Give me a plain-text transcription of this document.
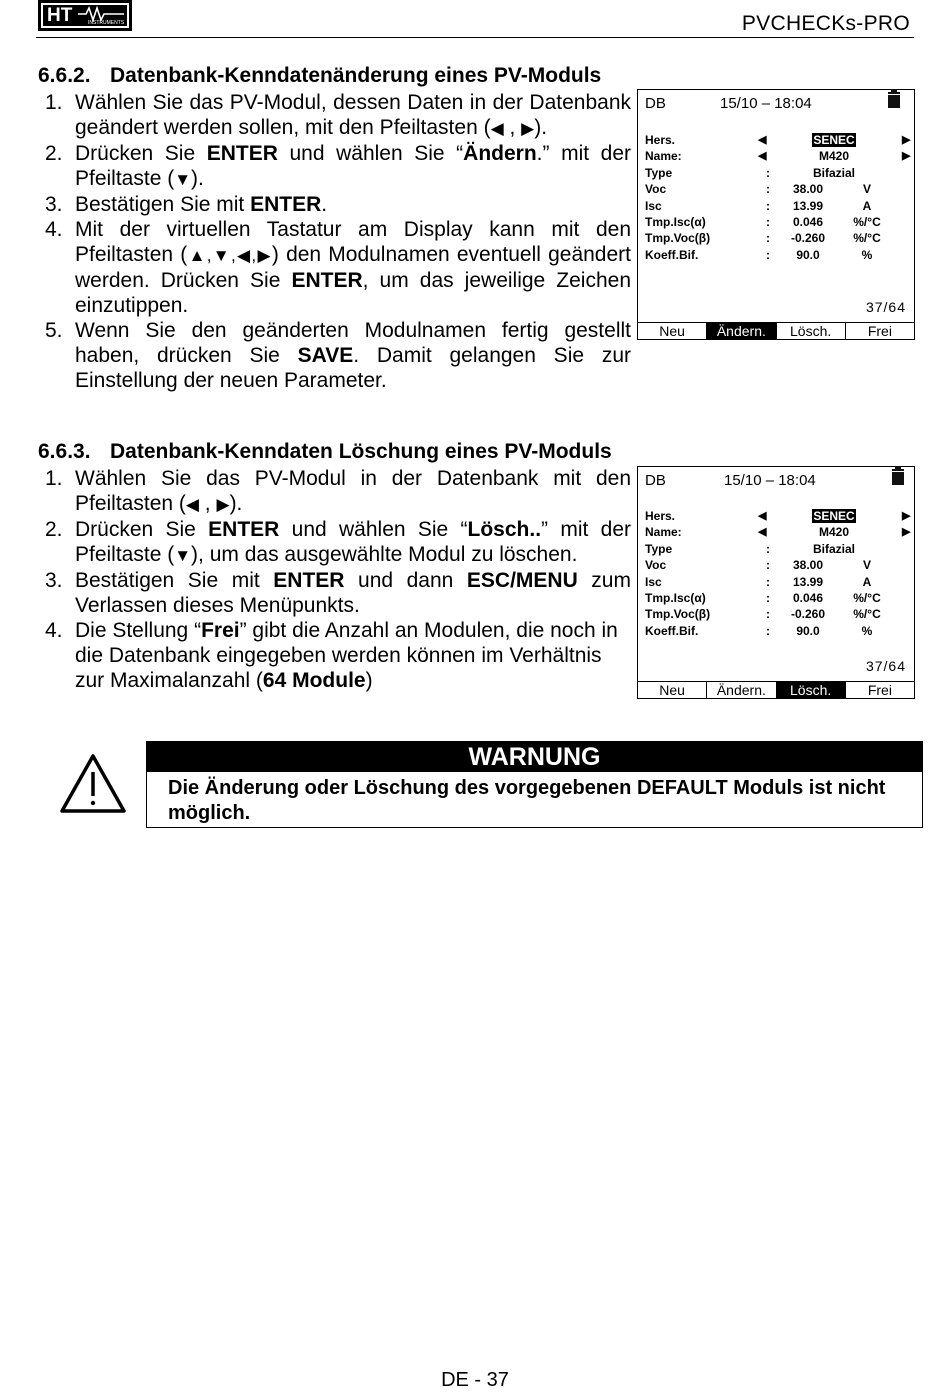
HT	INSTRUMENTS	PVCHECKs-PRO
6.6.2. Datenbank-Kenndatenänderung eines PV-Moduls
1. Wählen Sie das PV-Modul, dessen Daten in der Datenbank geändert werden sollen, mit den Pfeiltasten (◀ , ▶).
2. Drücken Sie ENTER und wählen Sie “Ändern.” mit der Pfeiltaste (▼).
3. Bestätigen Sie mit ENTER.
4. Mit der virtuellen Tastatur am Display kann mit den Pfeiltasten (▲,▼,◀,▶) den Modulnamen eventuell geändert werden. Drücken Sie ENTER, um das jeweilige Zeichen einzutippen.
5. Wenn Sie den geänderten Modulnamen fertig gestellt haben, drücken Sie SAVE. Damit gelangen Sie zur Einstellung der neuen Parameter.
DB	15/10 – 18:04
Hers.	◀	SENEC	▶
Name:	◀	M420	▶
Type	:	Bifazial
Voc	:	38.00	V
Isc	:	13.99	A
Tmp.Isc(α)	:	0.046	%/°C
Tmp.Voc(β)	: -0.260	%/°C
Koeff.Bif.	:	90.0	%
37/64
Neu	Ändern.	Lösch.	Frei
6.6.3. Datenbank-Kenndaten Löschung eines PV-Moduls
1. Wählen Sie das PV-Modul in der Datenbank mit den Pfeiltasten (◀ , ▶).
2. Drücken Sie ENTER und wählen Sie “Lösch..” mit der Pfeiltaste (▼), um das ausgewählte Modul zu löschen.
3. Bestätigen Sie mit ENTER und dann ESC/MENU zum Verlassen dieses Menüpunkts.
4. Die Stellung “Frei” gibt die Anzahl an Modulen, die noch in die Datenbank eingegeben werden können im Verhältnis zur Maximalanzahl (64 Module)
DB	15/10 – 18:04
Hers.	◀	SENEC	▶
Name:	◀	M420	▶
Type	:	Bifazial
Voc	:	38.00	V
Isc	:	13.99	A
Tmp.Isc(α)	:	0.046	%/°C
Tmp.Voc(β)	: -0.260	%/°C
Koeff.Bif.	:	90.0	%
37/64
Neu	Ändern.	Lösch.	Frei
WARNUNG
Die Änderung oder Löschung des vorgegebenen DEFAULT Moduls ist nicht möglich.
DE - 37
